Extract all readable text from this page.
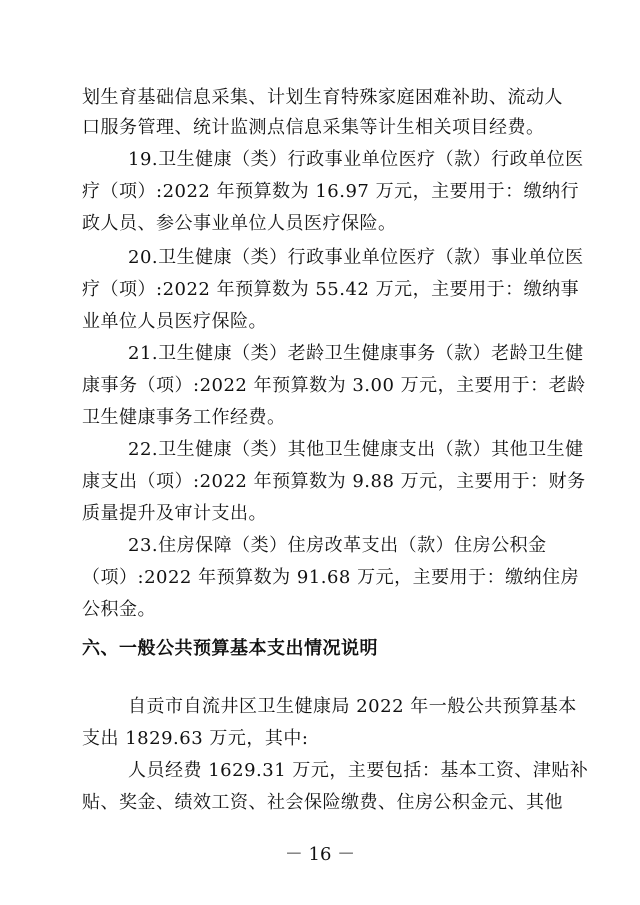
划生育基础信息采集、计划生育特殊家庭困难补助、流动人
口服务管理、统计监测点信息采集等计生相关项目经费。
19.卫生健康（类）行政事业单位医疗（款）行政单位医
疗（项）:2022 年预算数为 16.97 万元，主要用于：缴纳行
政人员、参公事业单位人员医疗保险。
20.卫生健康（类）行政事业单位医疗（款）事业单位医
疗（项）:2022 年预算数为 55.42 万元，主要用于：缴纳事
业单位人员医疗保险。
21.卫生健康（类）老龄卫生健康事务（款）老龄卫生健
康事务（项）:2022 年预算数为 3.00 万元，主要用于：老龄
卫生健康事务工作经费。
22.卫生健康（类）其他卫生健康支出（款）其他卫生健
康支出（项）:2022 年预算数为 9.88 万元，主要用于：财务
质量提升及审计支出。
23.住房保障（类）住房改革支出（款）住房公积金
（项）:2022 年预算数为 91.68 万元，主要用于：缴纳住房
公积金。
六、一般公共预算基本支出情况说明
自贡市自流井区卫生健康局 2022 年一般公共预算基本
支出 1829.63 万元，其中:
人员经费 1629.31 万元，主要包括：基本工资、津贴补
贴、奖金、绩效工资、社会保险缴费、住房公积金元、其他
－ 16 －
